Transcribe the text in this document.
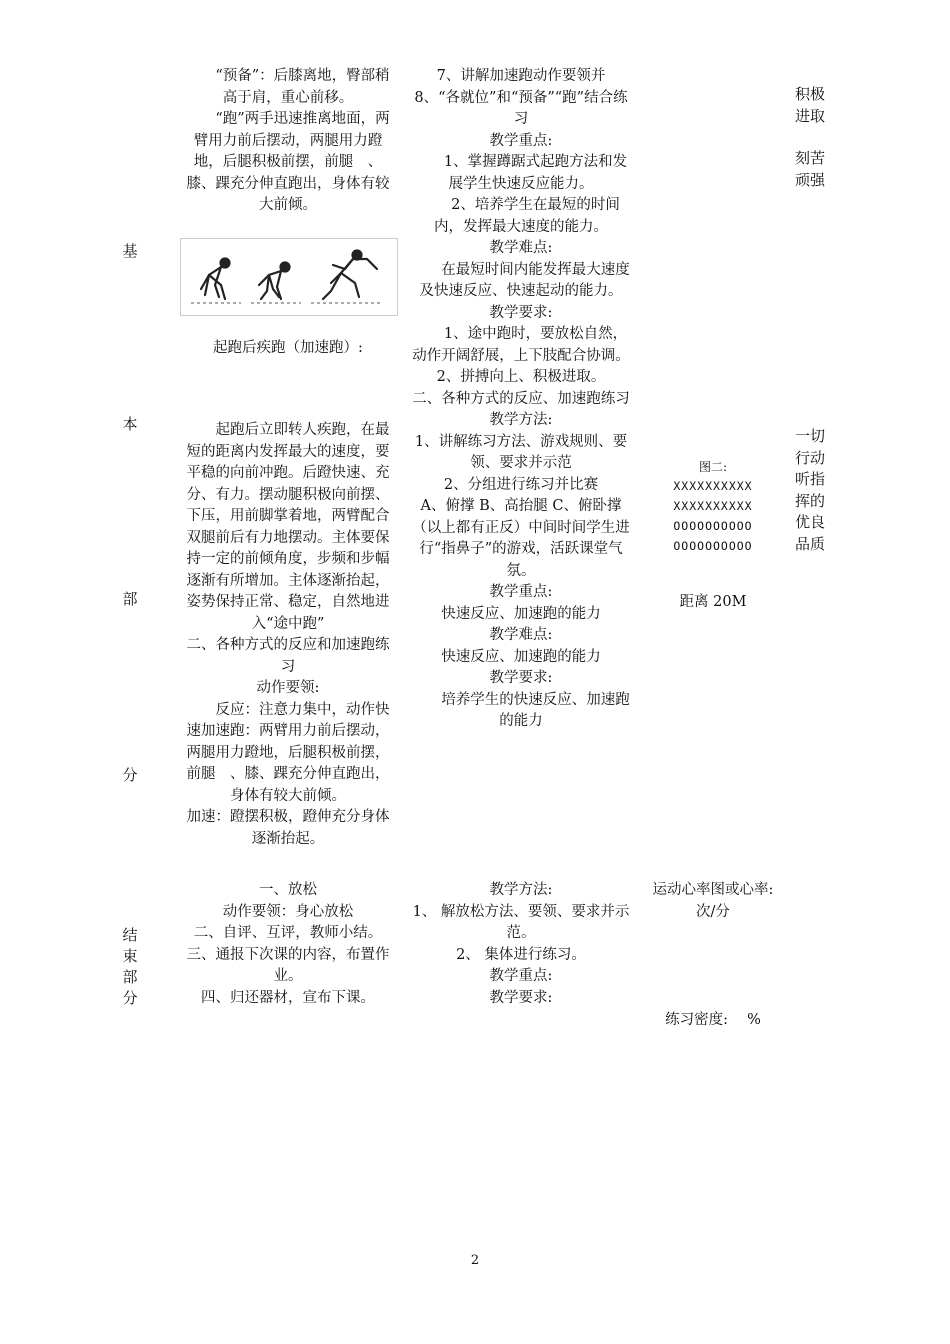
基
本
部
分
结
束
部
分
“预备”：后膝离地，臀部稍高于肩，重心前移。
“跑”两手迅速推离地面，两臂用力前后摆动，两腿用力蹬地，后腿积极前摆，前腿　、膝、踝充分伸直跑出，身体有较大前倾。
起跑后疾跑（加速跑）:
起跑后立即转人疾跑，在最短的距离内发挥最大的速度，要平稳的向前冲跑。后蹬快速、充分、有力。摆动腿积极向前摆、下压，用前脚掌着地，两臂配合双腿前后有力地摆动。主体要保持一定的前倾角度，步频和步幅逐渐有所增加。主体逐渐抬起，姿势保持正常、稳定，自然地进入“途中跑”
二、各种方式的反应和加速跑练习
动作要领:
反应：注意力集中，动作快速加速跑：两臂用力前后摆动，两腿用力蹬地，后腿积极前摆，前腿　、膝、踝充分伸直跑出，身体有较大前倾。
加速：蹬摆积极，蹬伸充分身体逐渐抬起。
一、放松
动作要领：身心放松
二、自评、互评，教师小结。
三、通报下次课的内容，布置作业。
四、归还器材，宣布下课。
7、讲解加速跑动作要领并
8、“各就位”和“预备”“跑”结合练习
教学重点:
1、掌握蹲踞式起跑方法和发展学生快速反应能力。
2、培养学生在最短的时间内，发挥最大速度的能力。
教学难点:
在最短时间内能发挥最大速度及快速反应、快速起动的能力。
教学要求:
1、途中跑时，要放松自然，动作开阔舒展，上下肢配合协调。
2、拼搏向上、积极进取。
二、各种方式的反应、加速跑练习
教学方法:
1、讲解练习方法、游戏规则、要领、要求并示范
2、分组进行练习并比赛
A、俯撑 B、高抬腿 C、俯卧撑（以上都有正反）中间时间学生进行“指鼻子”的游戏，活跃课堂气氛。
教学重点:
快速反应、加速跑的能力
教学难点:
快速反应、加速跑的能力
教学要求:
培养学生的快速反应、加速跑的能力
教学方法:
1、 解放松方法、要领、要求并示范。
2、 集体进行练习。
教学重点:
教学要求:
图二:
XXXXXXXXXX
XXXXXXXXXX
OOOOOOOOOO
OOOOOOOOOO
距离 20M
运动心率图或心率:　　次/分
练习密度:　 %
积极进取
刻苦顽强
一切行动听指挥的优良品质
2
